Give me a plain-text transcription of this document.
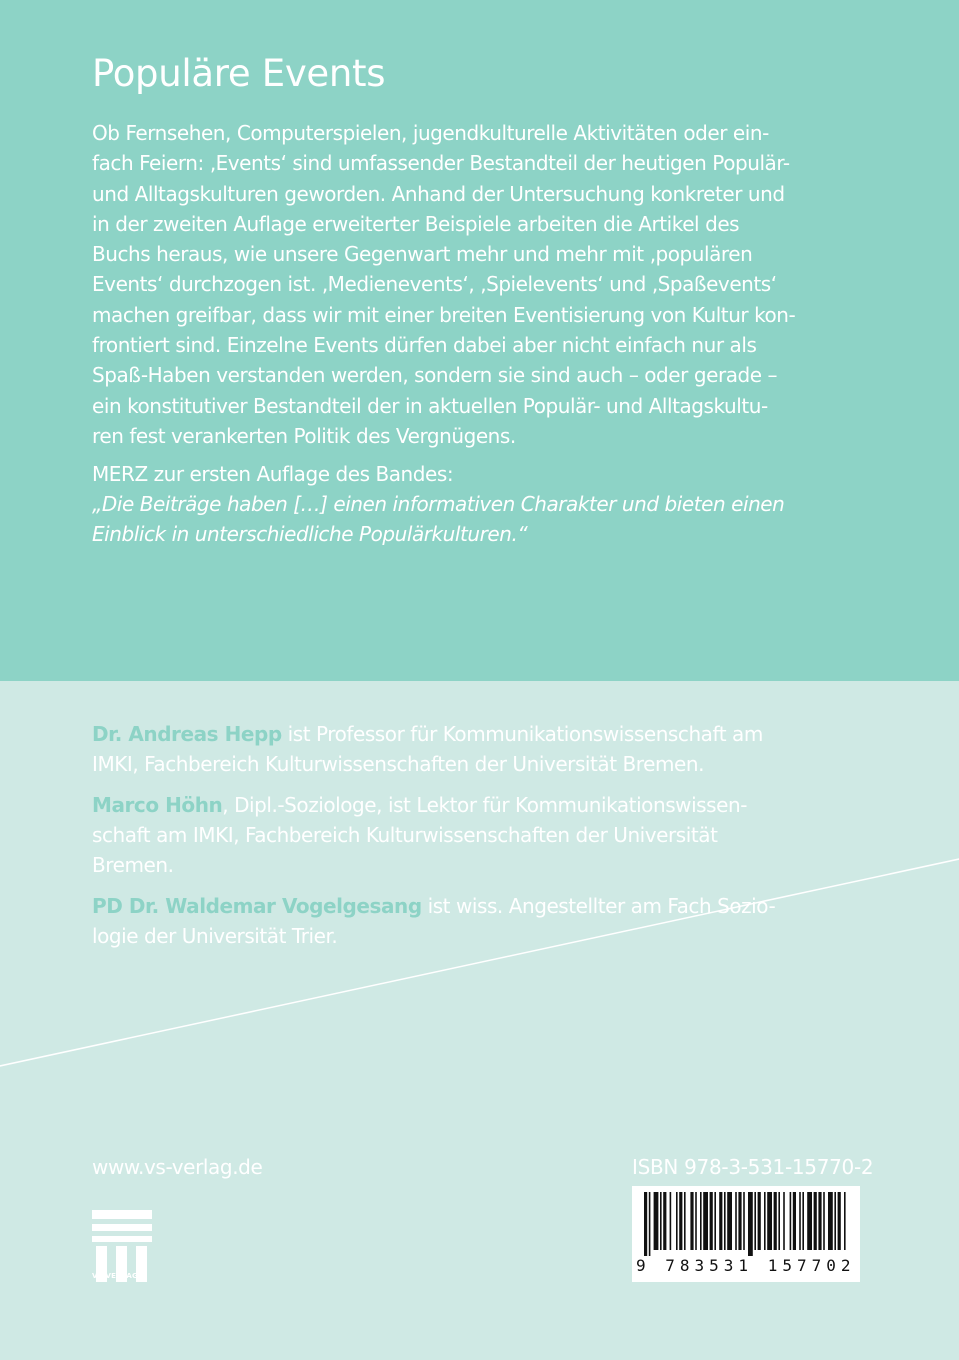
Populäre Events

Ob Fernsehen, Computerspielen, jugendkulturelle Aktivitäten oder ein-
fach Feiern: ‚Events‘ sind umfassender Bestandteil der heutigen Populär-
und Alltagskulturen geworden. Anhand der Untersuchung konkreter und
in der zweiten Auflage erweiterter Beispiele arbeiten die Artikel des
Buchs heraus, wie unsere Gegenwart mehr und mehr mit ‚populären
Events‘ durchzogen ist. ‚Medienevents‘, ‚Spielevents‘ und ‚Spaßevents‘
machen greifbar, dass wir mit einer breiten Eventisierung von Kultur kon-
frontiert sind. Einzelne Events dürfen dabei aber nicht einfach nur als
Spaß-Haben verstanden werden, sondern sie sind auch – oder gerade –
ein konstitutiver Bestandteil der in aktuellen Populär- und Alltagskultu-
ren fest verankerten Politik des Vergnügens.

MERZ zur ersten Auflage des Bandes:
„Die Beiträge haben […] einen informativen Charakter und bieten einen
Einblick in unterschiedliche Populärkulturen.“

Dr. Andreas Hepp ist Professor für Kommunikationswissenschaft am
IMKI, Fachbereich Kulturwissenschaften der Universität Bremen.

Marco Höhn, Dipl.-Soziologe, ist Lektor für Kommunikationswissen-
schaft am IMKI, Fachbereich Kulturwissenschaften der Universität
Bremen.

PD Dr. Waldemar Vogelgesang ist wiss. Angestellter am Fach Sozio-
logie der Universität Trier.

www.vs-verlag.de	ISBN 978-3-531-15770-2

VS VERLAG

9 783531 157702
